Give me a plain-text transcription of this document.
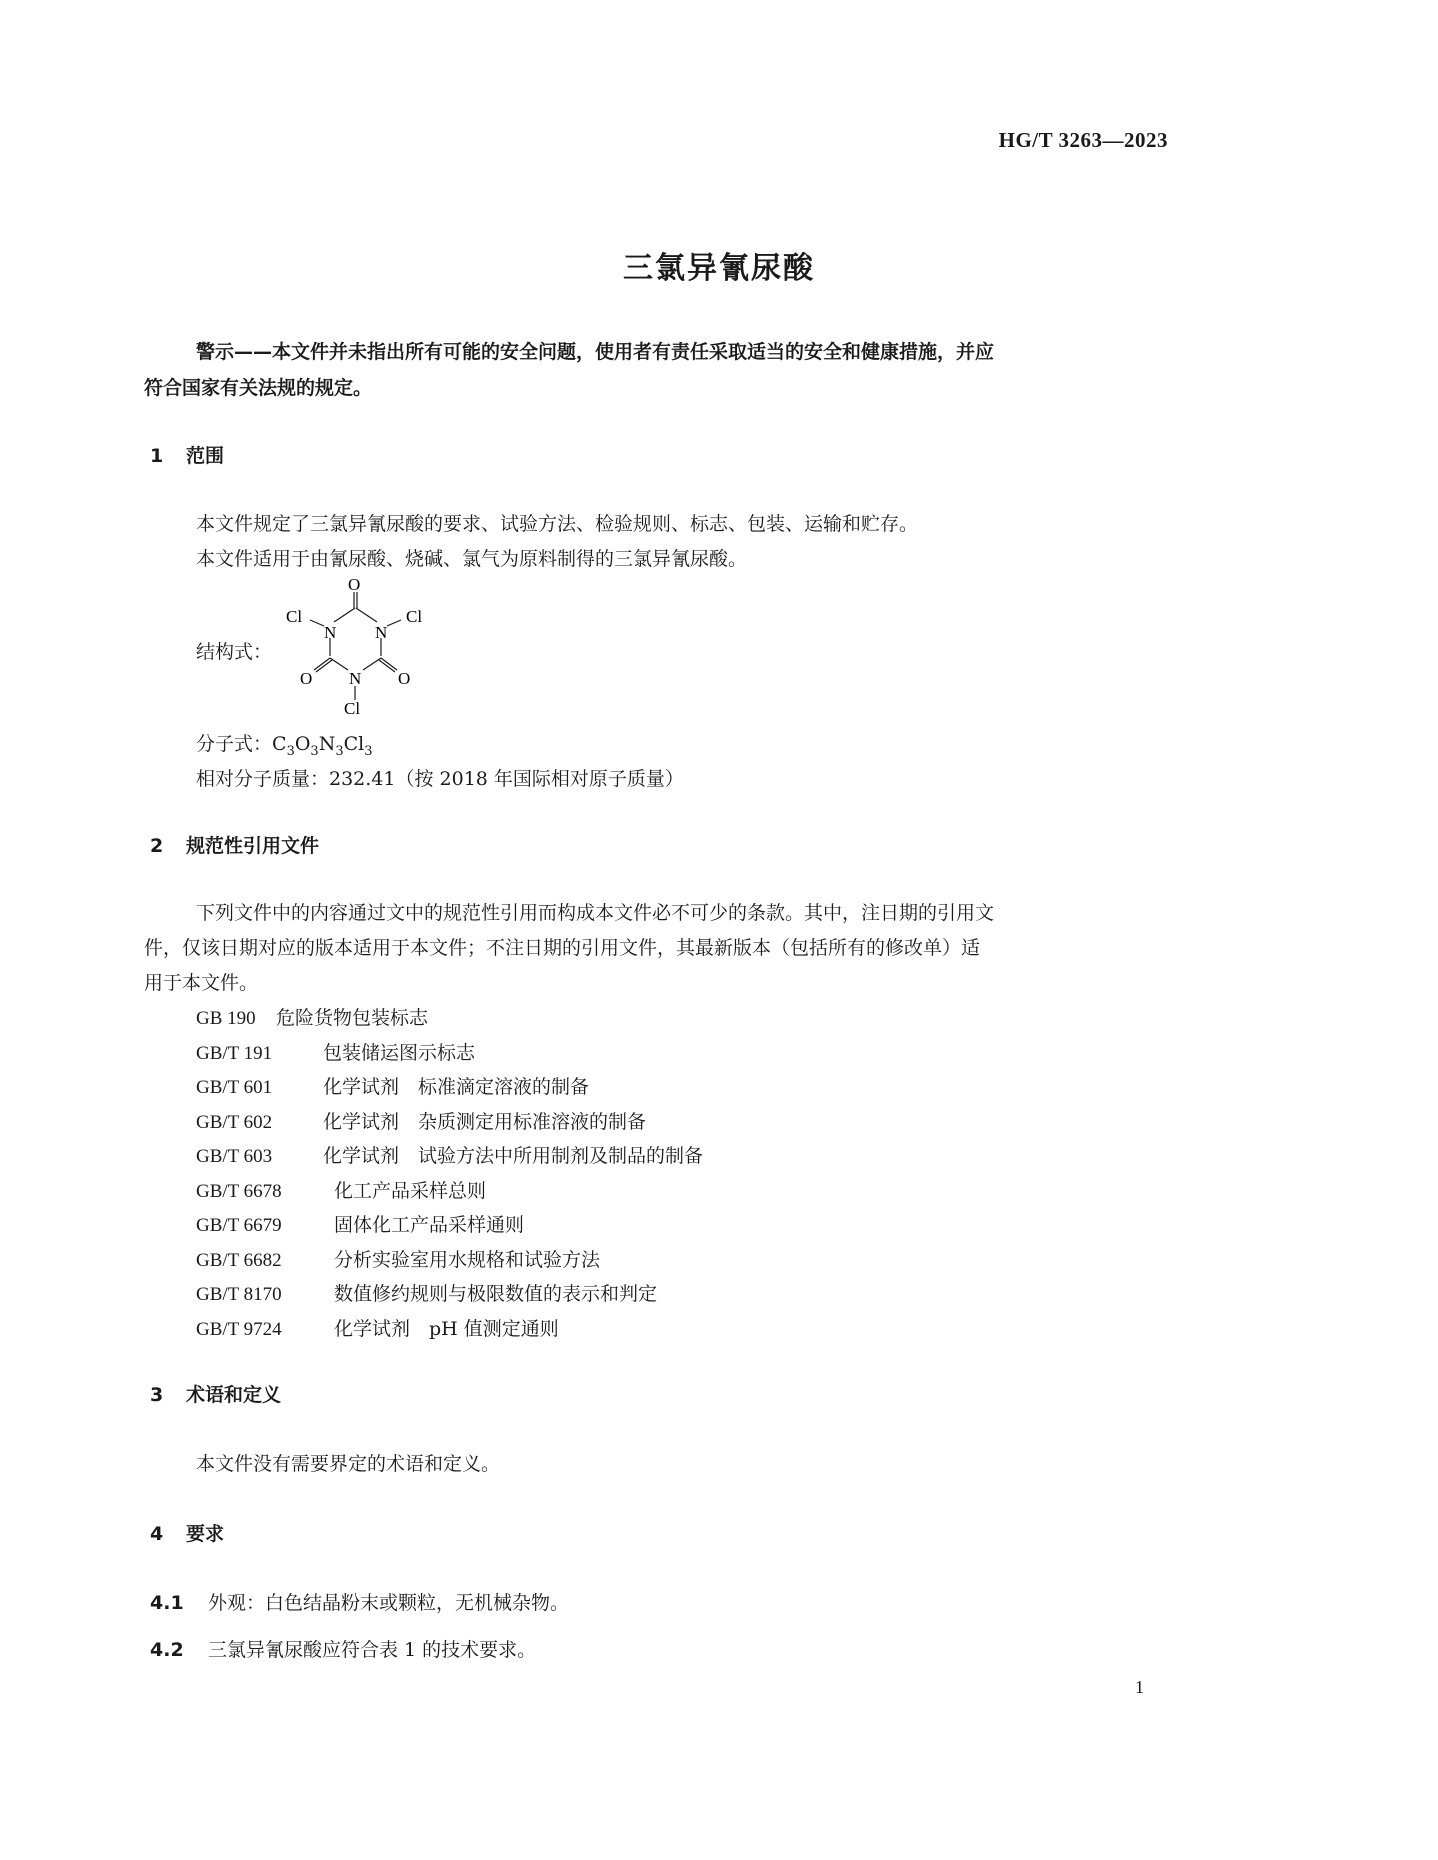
HG/T 3263—2023
三氯异氰尿酸
警示——本文件并未指出所有可能的安全问题，使用者有责任采取适当的安全和健康措施，并应
符合国家有关法规的规定。
1 范围
本文件规定了三氯异氰尿酸的要求、试验方法、检验规则、标志、包装、运输和贮存。
本文件适用于由氰尿酸、烧碱、氯气为原料制得的三氯异氰尿酸。
结构式：
O
Cl	Cl
N N
O	O
N
Cl
分子式：$C_3O_3N_3Cl_3$
相对分子质量：232.41（按 2018 年国际相对原子质量）
2 规范性引用文件
下列文件中的内容通过文中的规范性引用而构成本文件必不可少的条款。其中，注日期的引用文
件，仅该日期对应的版本适用于本文件；不注日期的引用文件，其最新版本（包括所有的修改单）适
用于本文件。
GB 190 危险货物包装标志
GB/T 191	包装储运图示标志
GB/T 601	化学试剂　标准滴定溶液的制备
GB/T 602	化学试剂　杂质测定用标准溶液的制备
GB/T 603	化学试剂　试验方法中所用制剂及制品的制备
GB/T 6678	化工产品采样总则
GB/T 6679	固体化工产品采样通则
GB/T 6682	分析实验室用水规格和试验方法
GB/T 8170	数值修约规则与极限数值的表示和判定
GB/T 9724	化学试剂　pH 值测定通则
3 术语和定义
本文件没有需要界定的术语和定义。
4 要求
4.1 外观：白色结晶粉末或颗粒，无机械杂物。
4.2 三氯异氰尿酸应符合表 1 的技术要求。
1
